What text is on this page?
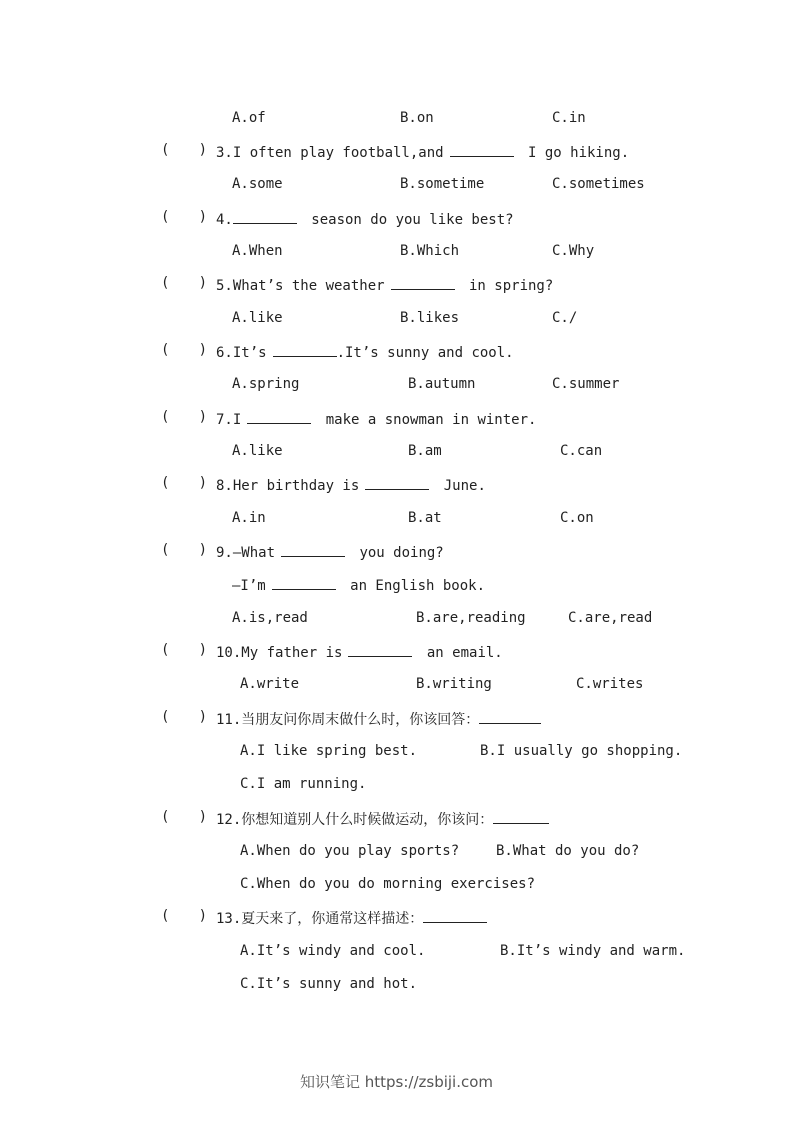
A.of	B.on	C.in
( ) 3.I often play football,and	I go hiking.
A.some	B.sometime	C.sometimes
( ) 4.	season do you like best?
A.When	B.Which	C.Why
( ) 5.What’s the weather	in spring?
A.like	B.likes	C./
( ) 6.It’s	.It’s sunny and cool.
A.spring	B.autumn	C.summer
( ) 7.I	make a snowman in winter.
A.like	B.am	C.can
( ) 8.Her birthday is	June.
A.in	B.at	C.on
( ) 9.—What	you doing?
—I’m	an English book.
A.is,read	B.are,reading	C.are,read
( ) 10.My father is	an email.
A.write	B.writing	C.writes
( ) 11.当朋友问你周末做什么时，你该回答：
A.I like spring best.	B.I usually go shopping.
C.I am running.
( ) 12.你想知道别人什么时候做运动，你该问：
A.When do you play sports?	B.What do you do?
C.When do you do morning exercises?
( ) 13.夏天来了，你通常这样描述：
A.It’s windy and cool.	B.It’s windy and warm.
C.It’s sunny and hot.
知识笔记 https://zsbiji.com
